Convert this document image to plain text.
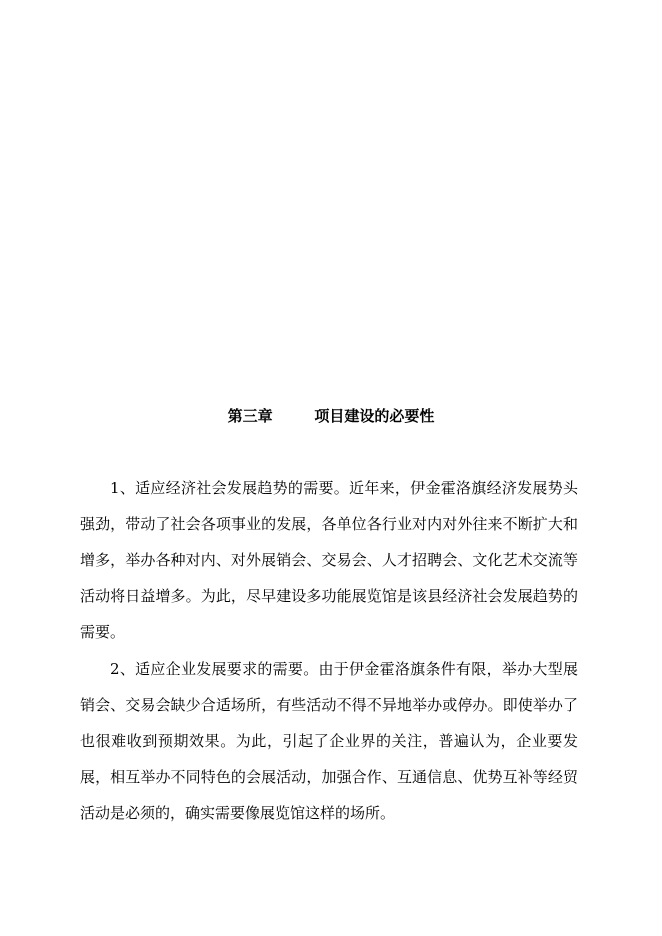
第三章	项目建设的必要性

1、适应经济社会发展趋势的需要。近年来，伊金霍洛旗经济发展势头强劲，带动了社会各项事业的发展，各单位各行业对内对外往来不断扩大和增多，举办各种对内、对外展销会、交易会、人才招聘会、文化艺术交流等活动将日益增多。为此，尽早建设多功能展览馆是该县经济社会发展趋势的需要。

2、适应企业发展要求的需要。由于伊金霍洛旗条件有限，举办大型展销会、交易会缺少合适场所，有些活动不得不异地举办或停办。即使举办了也很难收到预期效果。为此，引起了企业界的关注，普遍认为，企业要发展，相互举办不同特色的会展活动，加强合作、互通信息、优势互补等经贸活动是必须的，确实需要像展览馆这样的场所。
